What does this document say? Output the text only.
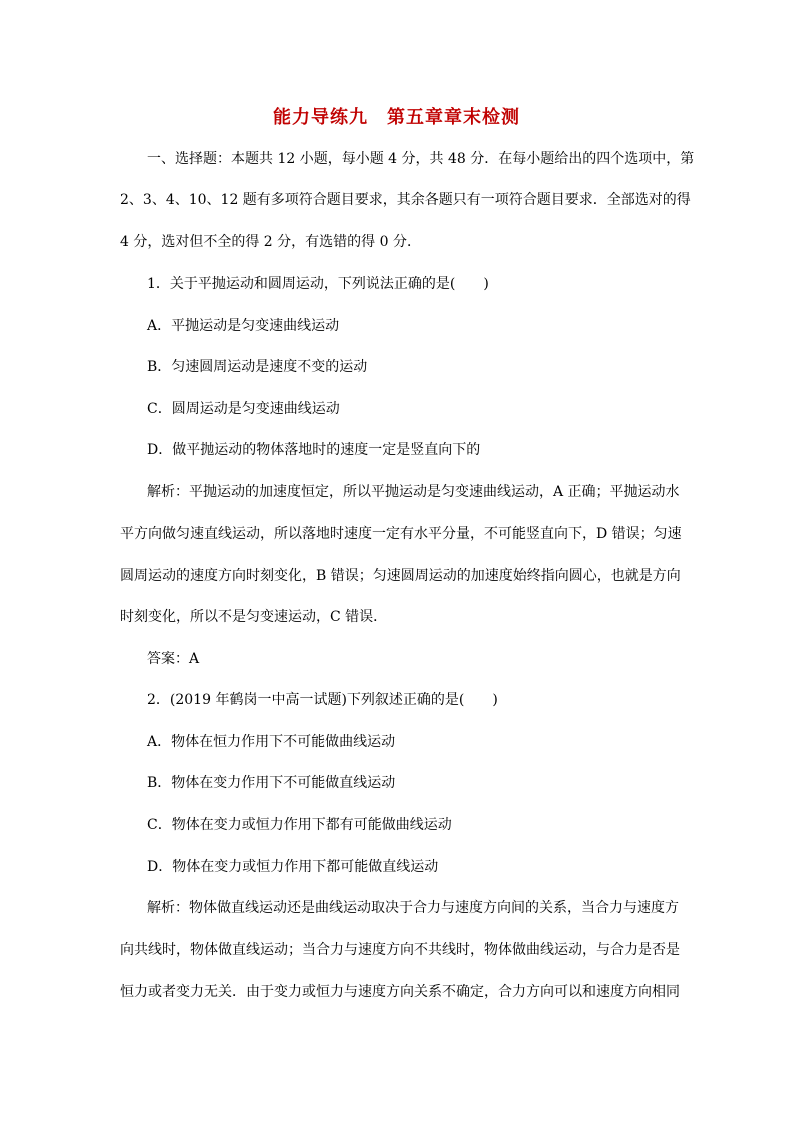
能力导练九　第五章章末检测
一、选择题：本题共 12 小题，每小题 4 分，共 48 分．在每小题给出的四个选项中，第
2、3、4、10、12 题有多项符合题目要求，其余各题只有一项符合题目要求．全部选对的得
4 分，选对但不全的得 2 分，有选错的得 0 分．
1．关于平抛运动和圆周运动，下列说法正确的是(　　)
A．平抛运动是匀变速曲线运动
B．匀速圆周运动是速度不变的运动
C．圆周运动是匀变速曲线运动
D．做平抛运动的物体落地时的速度一定是竖直向下的
解析：平抛运动的加速度恒定，所以平抛运动是匀变速曲线运动，A 正确；平抛运动水
平方向做匀速直线运动，所以落地时速度一定有水平分量，不可能竖直向下，D 错误；匀速
圆周运动的速度方向时刻变化，B 错误；匀速圆周运动的加速度始终指向圆心，也就是方向
时刻变化，所以不是匀变速运动，C 错误．
答案：A
2．(2019 年鹤岗一中高一试题)下列叙述正确的是(　　)
A．物体在恒力作用下不可能做曲线运动
B．物体在变力作用下不可能做直线运动
C．物体在变力或恒力作用下都有可能做曲线运动
D．物体在变力或恒力作用下都可能做直线运动
解析：物体做直线运动还是曲线运动取决于合力与速度方向间的关系，当合力与速度方
向共线时，物体做直线运动；当合力与速度方向不共线时，物体做曲线运动，与合力是否是
恒力或者变力无关．由于变力或恒力与速度方向关系不确定，合力方向可以和速度方向相同
